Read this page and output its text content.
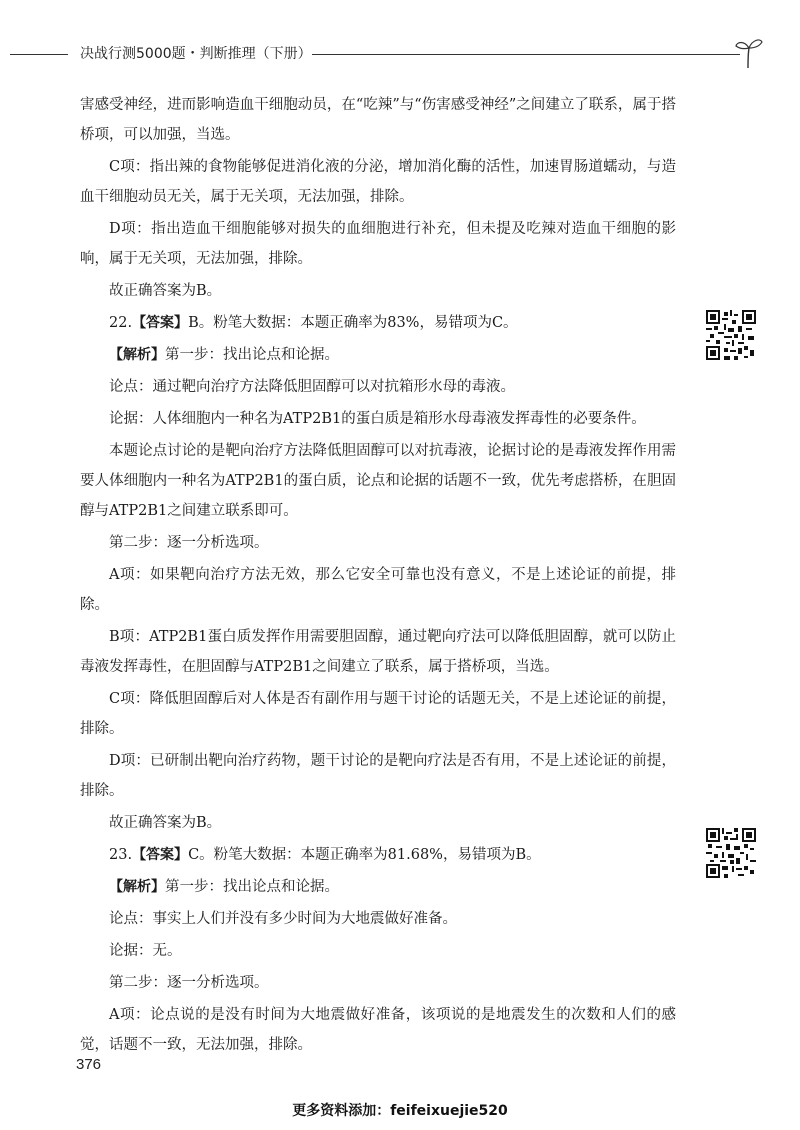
决战行测5000题・判断推理（下册）

害感受神经，进而影响造血干细胞动员，在“吃辣”与“伤害感受神经”之间建立了联系，属于搭桥项，可以加强，当选。

C项：指出辣的食物能够促进消化液的分泌，增加消化酶的活性，加速胃肠道蠕动，与造血干细胞动员无关，属于无关项，无法加强，排除。

D项：指出造血干细胞能够对损失的血细胞进行补充，但未提及吃辣对造血干细胞的影响，属于无关项，无法加强，排除。

故正确答案为B。

22.【答案】B。粉笔大数据：本题正确率为83%，易错项为C。

【解析】第一步：找出论点和论据。

论点：通过靶向治疗方法降低胆固醇可以对抗箱形水母的毒液。

论据：人体细胞内一种名为ATP2B1的蛋白质是箱形水母毒液发挥毒性的必要条件。

本题论点讨论的是靶向治疗方法降低胆固醇可以对抗毒液，论据讨论的是毒液发挥作用需要人体细胞内一种名为ATP2B1的蛋白质，论点和论据的话题不一致，优先考虑搭桥，在胆固醇与ATP2B1之间建立联系即可。

第二步：逐一分析选项。

A项：如果靶向治疗方法无效，那么它安全可靠也没有意义，不是上述论证的前提，排除。

B项：ATP2B1蛋白质发挥作用需要胆固醇，通过靶向疗法可以降低胆固醇，就可以防止毒液发挥毒性，在胆固醇与ATP2B1之间建立了联系，属于搭桥项，当选。

C项：降低胆固醇后对人体是否有副作用与题干讨论的话题无关，不是上述论证的前提，排除。

D项：已研制出靶向治疗药物，题干讨论的是靶向疗法是否有用，不是上述论证的前提，排除。

故正确答案为B。

23.【答案】C。粉笔大数据：本题正确率为81.68%，易错项为B。

【解析】第一步：找出论点和论据。

论点：事实上人们并没有多少时间为大地震做好准备。

论据：无。

第二步：逐一分析选项。

A项：论点说的是没有时间为大地震做好准备，该项说的是地震发生的次数和人们的感觉，话题不一致，无法加强，排除。

376
更多资料添加：feifeixuejie520
